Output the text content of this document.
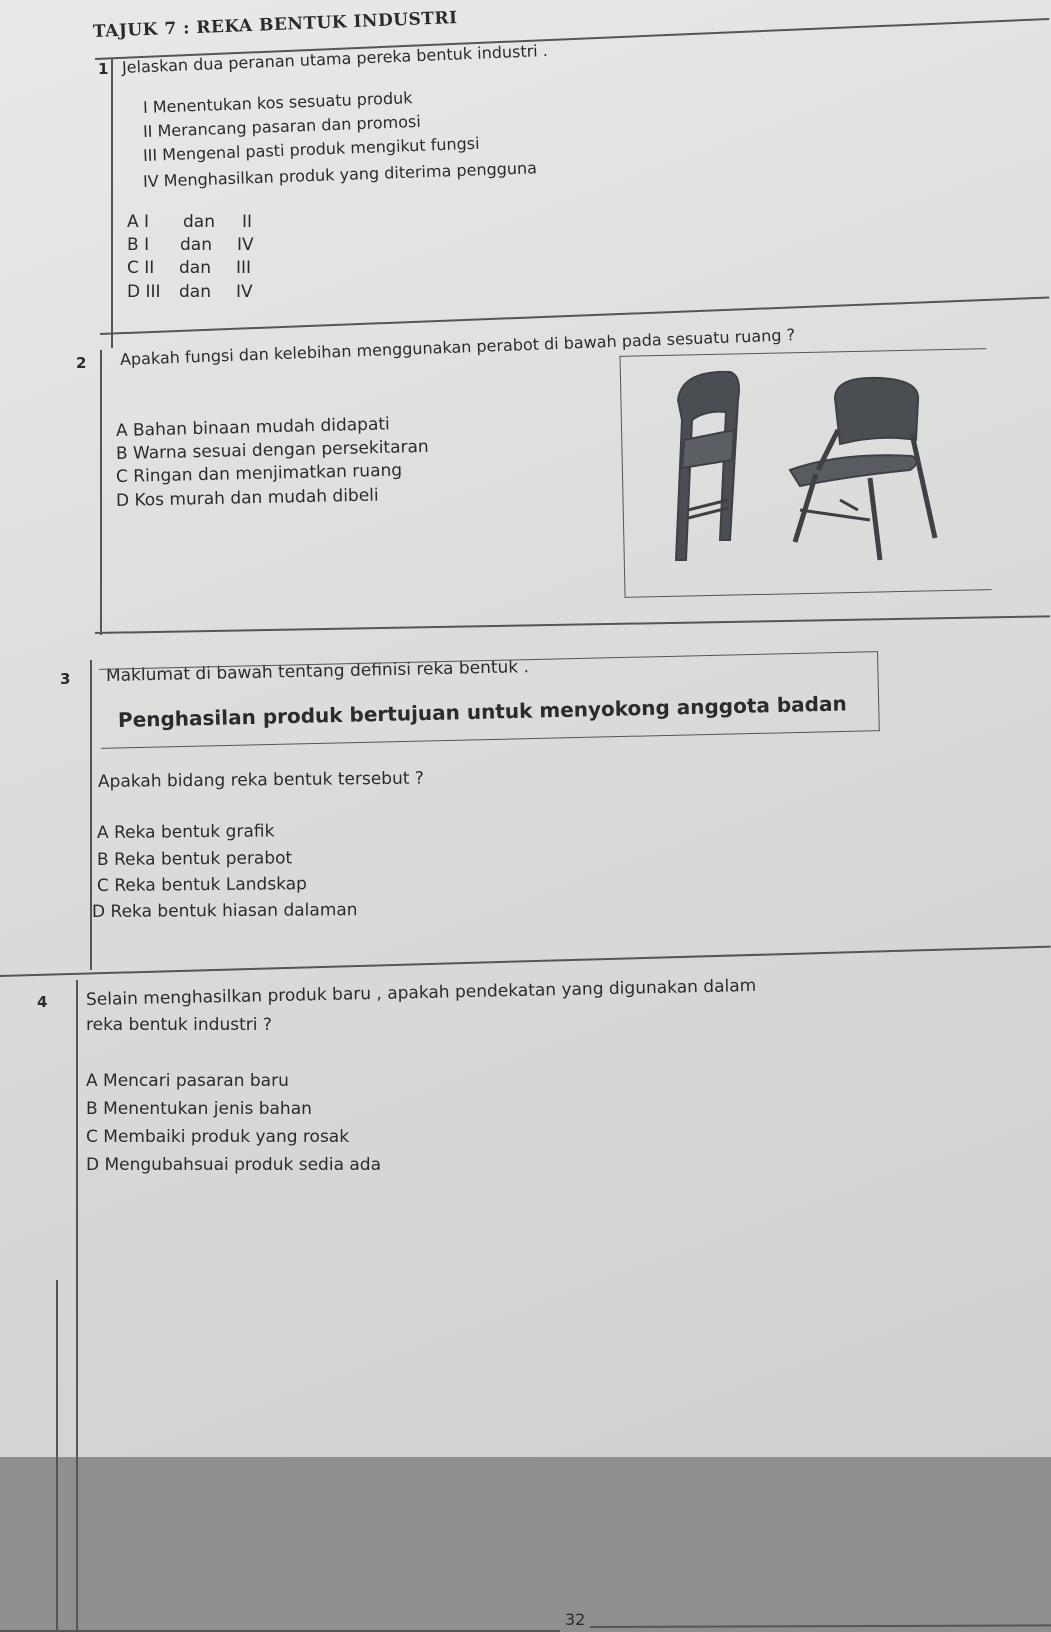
TAJUK 7 : REKA BENTUK INDUSTRI
1 Jelaskan dua peranan utama pereka bentuk industri .
I Menentukan kos sesuatu produk
II Merancang pasaran dan promosi
III Mengenal pasti produk mengikut fungsi
IV Menghasilkan produk yang diterima pengguna
A I dan II
B I dan IV
C II dan III
D III dan IV
2 Apakah fungsi dan kelebihan menggunakan perabot di bawah pada sesuatu ruang ?
A Bahan binaan mudah didapati
B Warna sesuai dengan persekitaran
C Ringan dan menjimatkan ruang
D Kos murah dan mudah dibeli
3 Maklumat di bawah tentang definisi reka bentuk .
Penghasilan produk bertujuan untuk menyokong anggota badan
Apakah bidang reka bentuk tersebut ?
A Reka bentuk grafik
B Reka bentuk perabot
C Reka bentuk Landskap
D Reka bentuk hiasan dalaman
4 Selain menghasilkan produk baru , apakah pendekatan yang digunakan dalam
reka bentuk industri ?
A Mencari pasaran baru
B Menentukan jenis bahan
C Membaiki produk yang rosak
D Mengubahsuai produk sedia ada
32
